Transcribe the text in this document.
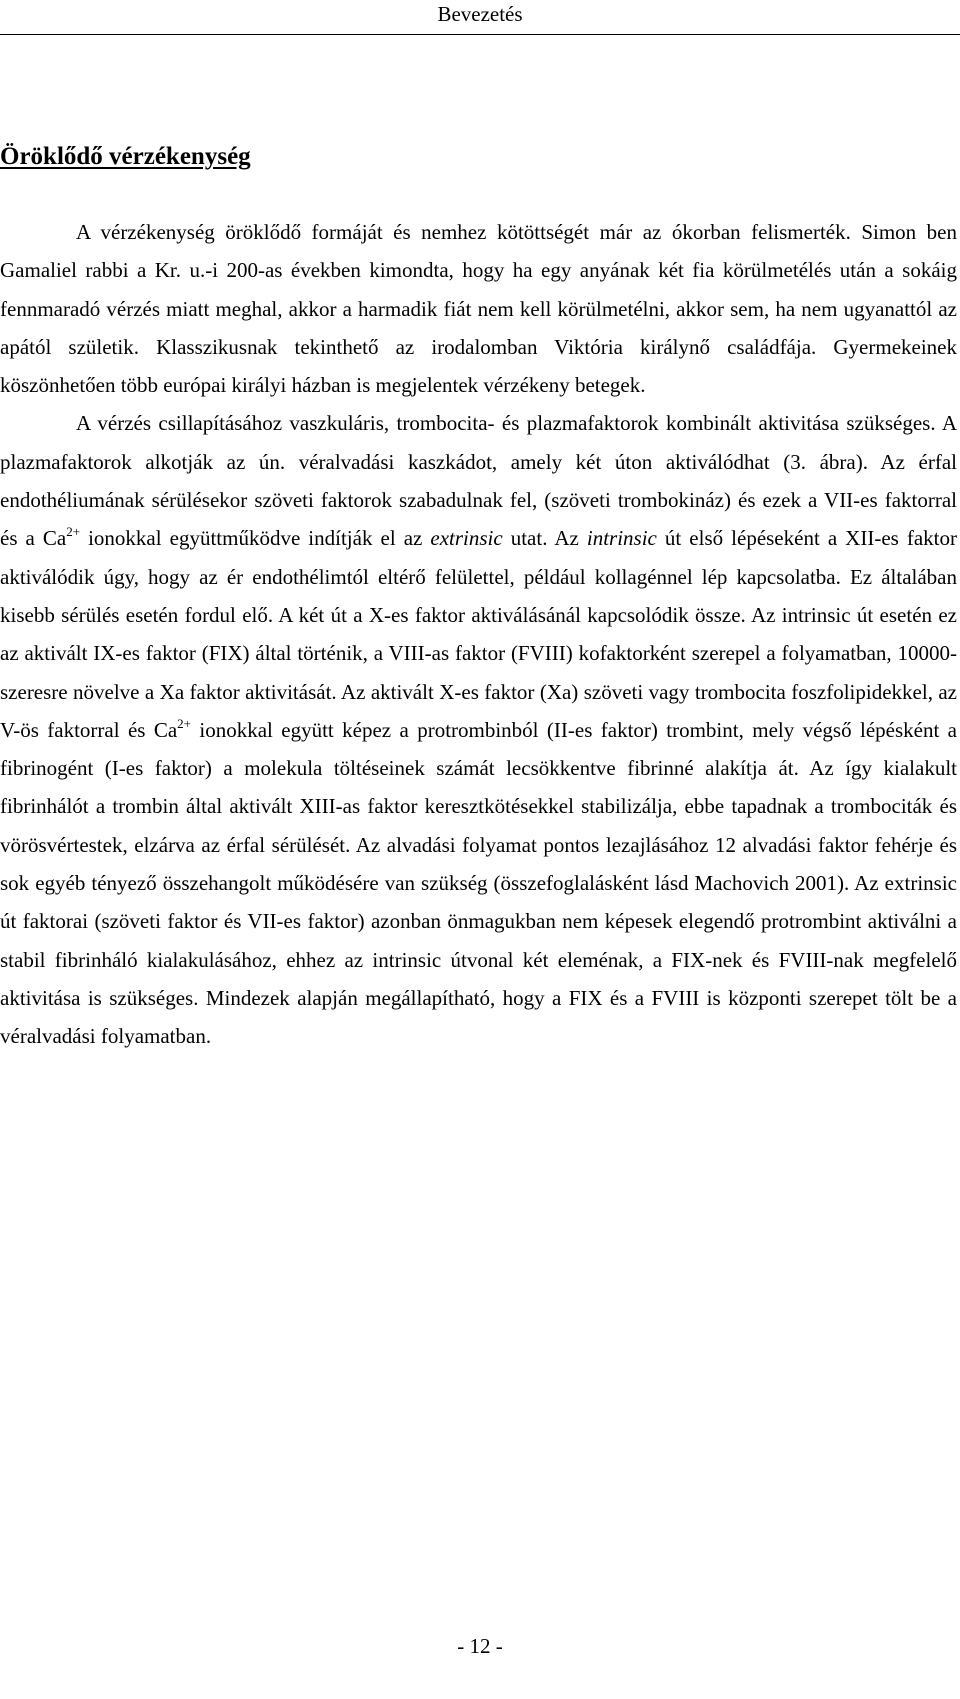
Bevezetés
Öröklődő vérzékenység

A vérzékenység öröklődő formáját és nemhez kötöttségét már az ókorban felismerték. Simon ben Gamaliel rabbi a Kr. u.-i 200-as években kimondta, hogy ha egy anyának két fia körülmetélés után a sokáig fennmaradó vérzés miatt meghal, akkor a harmadik fiát nem kell körülmetélni, akkor sem, ha nem ugyanattól az apától születik. Klasszikusnak tekinthető az irodalomban Viktória királynő családfája. Gyermekeinek köszönhetően több európai királyi házban is megjelentek vérzékeny betegek.

A vérzés csillapításához vaszkuláris, trombocita- és plazmafaktorok kombinált aktivitása szükséges. A plazmafaktorok alkotják az ún. véralvadási kaszkádot, amely két úton aktiválódhat (3. ábra). Az érfal endothéliumának sérülésekor szöveti faktorok szabadulnak fel, (szöveti trombokináz) és ezek a VII-es faktorral és a $Ca^{2+}$ ionokkal együttműködve indítják el az extrinsic utat. Az intrinsic út első lépéseként a XII-es faktor aktiválódik úgy, hogy az ér endothélimtól eltérő felülettel, például kollagénnel lép kapcsolatba. Ez általában kisebb sérülés esetén fordul elő. A két út a X-es faktor aktiválásánál kapcsolódik össze. Az intrinsic út esetén ez az aktivált IX-es faktor (FIX) által történik, a VIII-as faktor (FVIII) kofaktorként szerepel a folyamatban, 10000-szeresre növelve a Xa faktor aktivitását. Az aktivált X-es faktor (Xa) szöveti vagy trombocita foszfolipidekkel, az V-ös faktorral és $Ca^{2+}$ ionokkal együtt képez a protrombinból (II-es faktor) trombint, mely végső lépésként a fibrinogént (I-es faktor) a molekula töltéseinek számát lecsökkentve fibrinné alakítja át. Az így kialakult fibrinhálót a trombin által aktivált XIII-as faktor keresztkötésekkel stabilizálja, ebbe tapadnak a trombociták és vörösvértestek, elzárva az érfal sérülését. Az alvadási folyamat pontos lezajlásához 12 alvadási faktor fehérje és sok egyéb tényező összehangolt működésére van szükség (összefoglalásként lásd Machovich 2001). Az extrinsic út faktorai (szöveti faktor és VII-es faktor) azonban önmagukban nem képesek elegendő protrombint aktiválni a stabil fibrinháló kialakulásához, ehhez az intrinsic útvonal két eleménak, a FIX-nek és FVIII-nak megfelelő aktivitása is szükséges. Mindezek alapján megállapítható, hogy a FIX és a FVIII is központi szerepet tölt be a véralvadási folyamatban.

- 12 -
